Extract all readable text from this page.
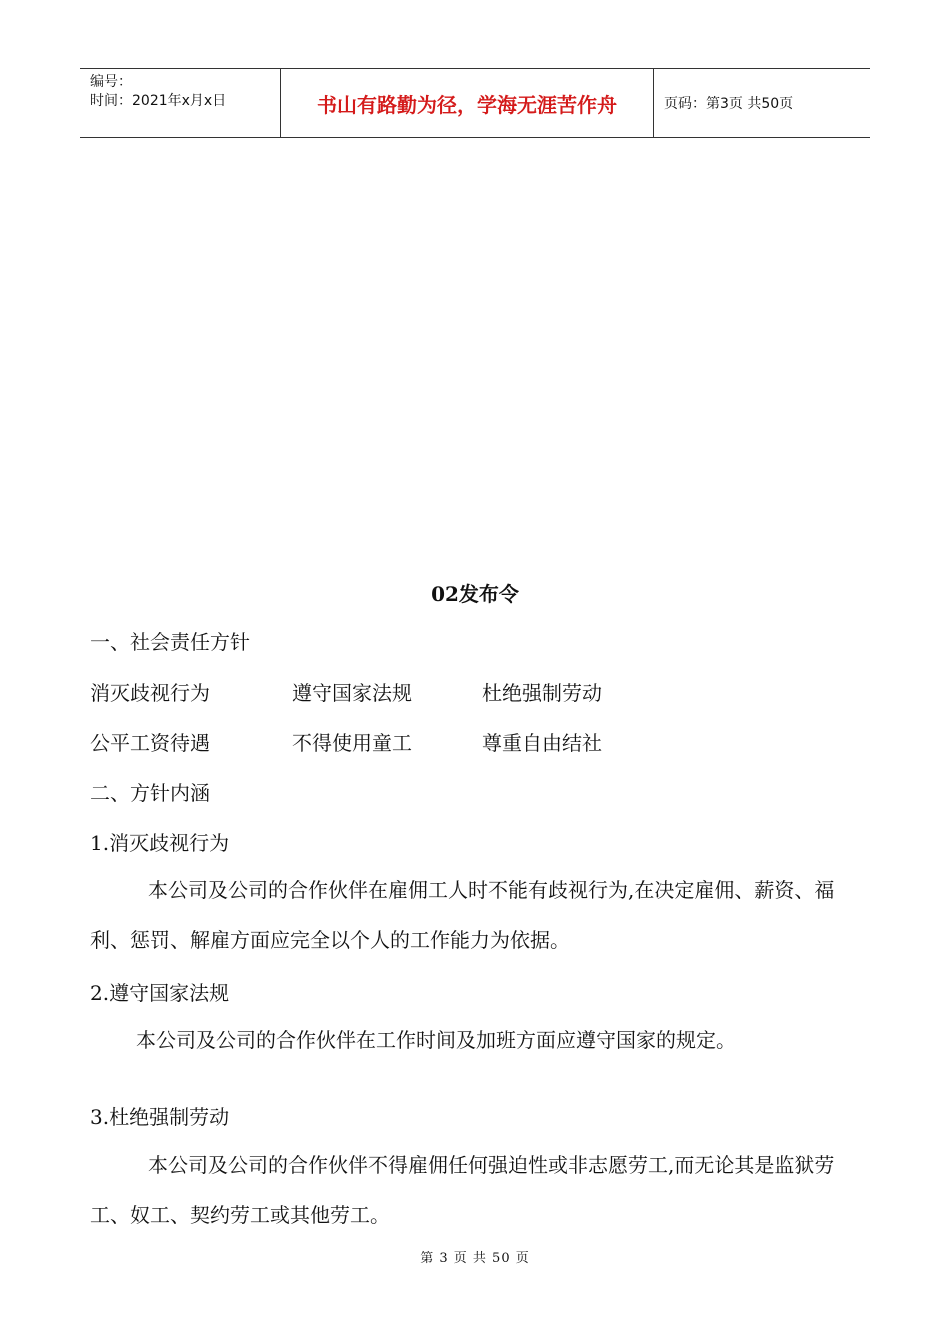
编号：
时间：2021年x月x日	书山有路勤为径，学海无涯苦作舟	页码：第3页 共50页
02发布令
一、社会责任方针
消灭歧视行为	遵守国家法规	杜绝强制劳动
公平工资待遇	不得使用童工	尊重自由结社
二、方针内涵
1.消灭歧视行为
本公司及公司的合作伙伴在雇佣工人时不能有歧视行为,在决定雇佣、薪资、福利、惩罚、解雇方面应完全以个人的工作能力为依据。
2.遵守国家法规
本公司及公司的合作伙伴在工作时间及加班方面应遵守国家的规定。
3.杜绝强制劳动
本公司及公司的合作伙伴不得雇佣任何强迫性或非志愿劳工,而无论其是监狱劳工、奴工、契约劳工或其他劳工。
第 3 页 共 50 页
